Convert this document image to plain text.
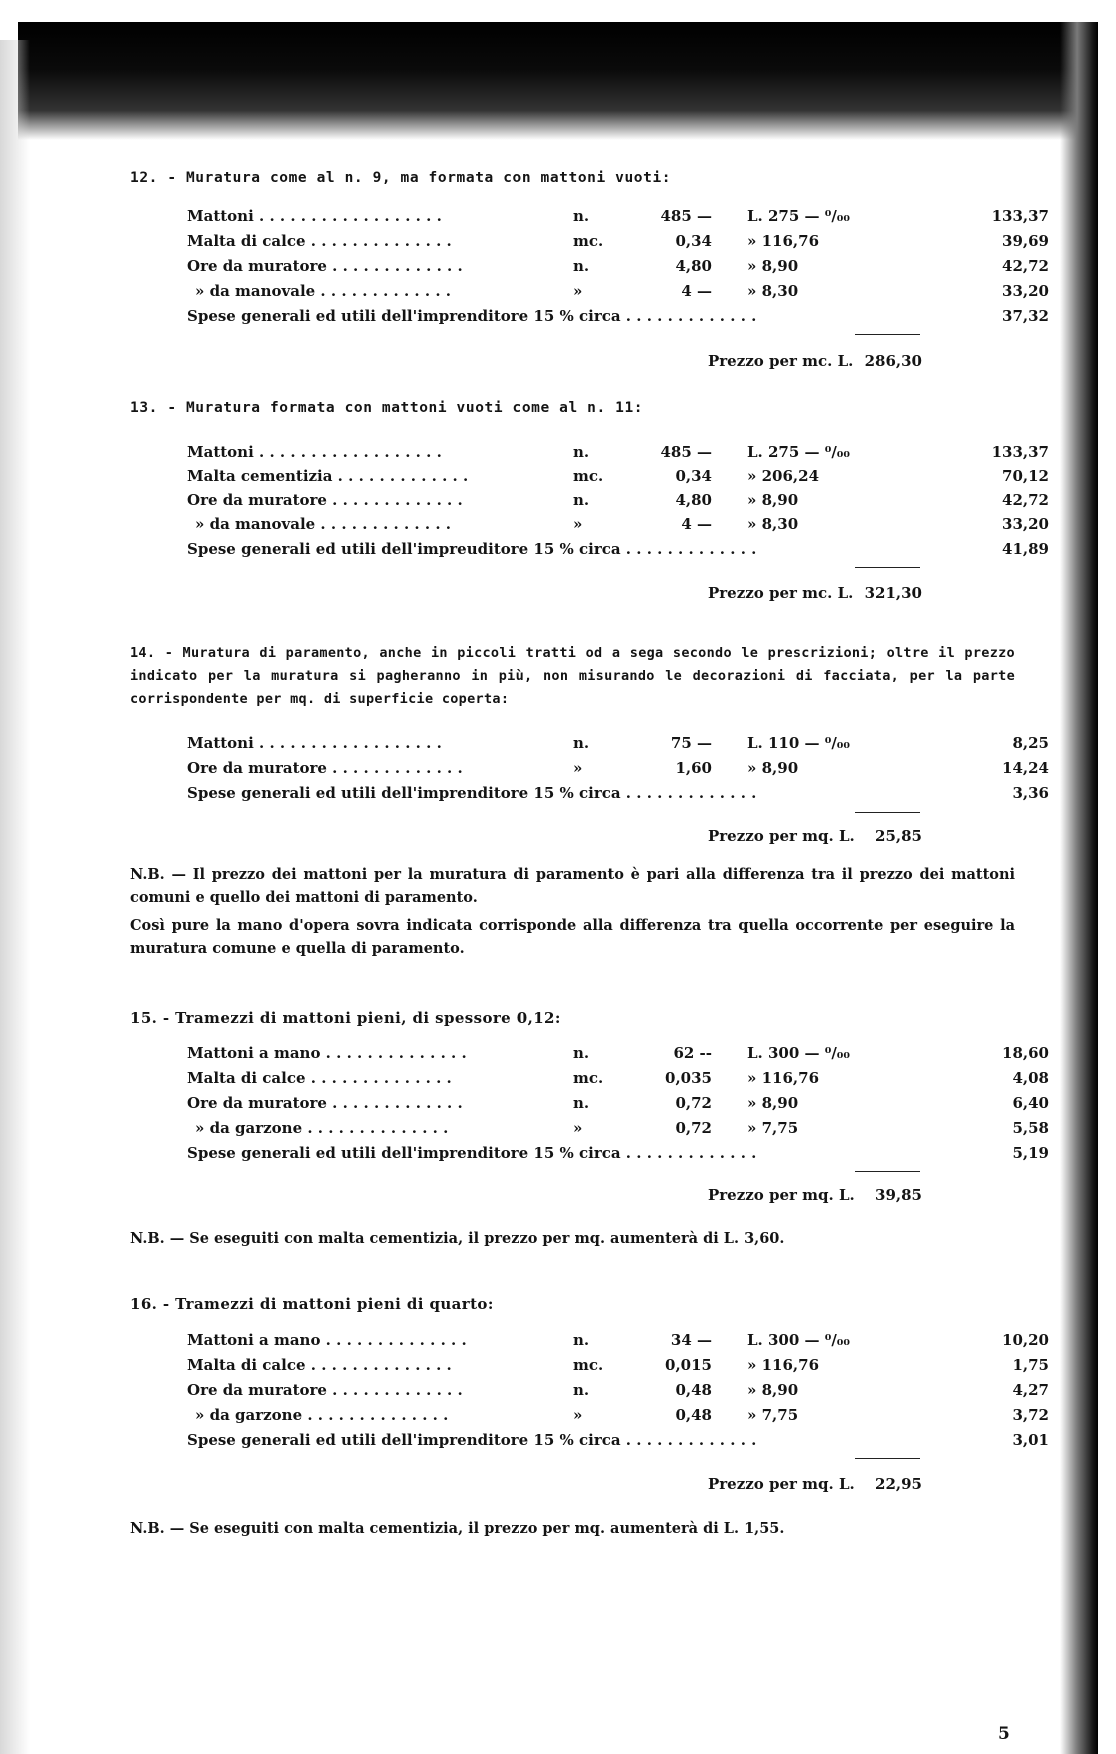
12. - Muratura come al n. 9, ma formata con mattoni vuoti:
Mattoni . . . . . . . . . . . . . . . . . .	n.	485 — L. 275 — ⁰/₀₀	133,37
Malta di calce . . . . . . . . . . . . . .	mc.	0,34 » 116,76	39,69
Ore da muratore . . . . . . . . . . . . .	n.	4,80 » 8,90	42,72
» da manovale . . . . . . . . . . . . .	»	4 — » 8,30	33,20
Spese generali ed utili dell'imprenditore 15 % circa . . . . . . . . . . . . .	37,32
Prezzo per mc. L. 286,30
13. - Muratura formata con mattoni vuoti come al n. 11:
Mattoni . . . . . . . . . . . . . . . . . .	n.	485 — L. 275 — ⁰/₀₀	133,37
Malta cementizia . . . . . . . . . . . . .	mc.	0,34 » 206,24	70,12
Ore da muratore . . . . . . . . . . . . .	n.	4,80 » 8,90	42,72
» da manovale . . . . . . . . . . . . .	»	4 — » 8,30	33,20
Spese generali ed utili dell'impreuditore 15 % circa . . . . . . . . . . . . .	41,89
Prezzo per mc. L. 321,30
14. - Muratura di paramento, anche in piccoli tratti od a sega secondo le prescrizioni; oltre il prezzo indicato per la muratura si pagheranno in più, non misurando le decorazioni di facciata, per la parte corrispondente per mq. di superficie coperta:
Mattoni . . . . . . . . . . . . . . . . . .	n.	75 — L. 110 — ⁰/₀₀	8,25
Ore da muratore . . . . . . . . . . . . .	»	1,60 » 8,90	14,24
Spese generali ed utili dell'imprenditore 15 % circa . . . . . . . . . . . . .	3,36
Prezzo per mq. L. 25,85
N.B. — Il prezzo dei mattoni per la muratura di paramento è pari alla differenza tra il prezzo dei mattoni comuni e quello dei mattoni di paramento.
Così pure la mano d'opera sovra indicata corrisponde alla differenza tra quella occorrente per eseguire la muratura comune e quella di paramento.
15. - Tramezzi di mattoni pieni, di spessore 0,12:
Mattoni a mano . . . . . . . . . . . . . .	n.	62 -- L. 300 — ⁰/₀₀	18,60
Malta di calce . . . . . . . . . . . . . .	mc.	0,035 » 116,76	4,08
Ore da muratore . . . . . . . . . . . . .	n.	0,72 » 8,90	6,40
» da garzone . . . . . . . . . . . . . .	»	0,72 » 7,75	5,58
Spese generali ed utili dell'imprenditore 15 % circa . . . . . . . . . . . . .	5,19
Prezzo per mq. L. 39,85
N.B. — Se eseguiti con malta cementizia, il prezzo per mq. aumenterà di L. 3,60.
16. - Tramezzi di mattoni pieni di quarto:
Mattoni a mano . . . . . . . . . . . . . .	n.	34 — L. 300 — ⁰/₀₀	10,20
Malta di calce . . . . . . . . . . . . . .	mc.	0,015 » 116,76	1,75
Ore da muratore . . . . . . . . . . . . .	n.	0,48 » 8,90	4,27
» da garzone . . . . . . . . . . . . . .	»	0,48 » 7,75	3,72
Spese generali ed utili dell'imprenditore 15 % circa . . . . . . . . . . . . .	3,01
Prezzo per mq. L. 22,95
N.B. — Se eseguiti con malta cementizia, il prezzo per mq. aumenterà di L. 1,55.
5
